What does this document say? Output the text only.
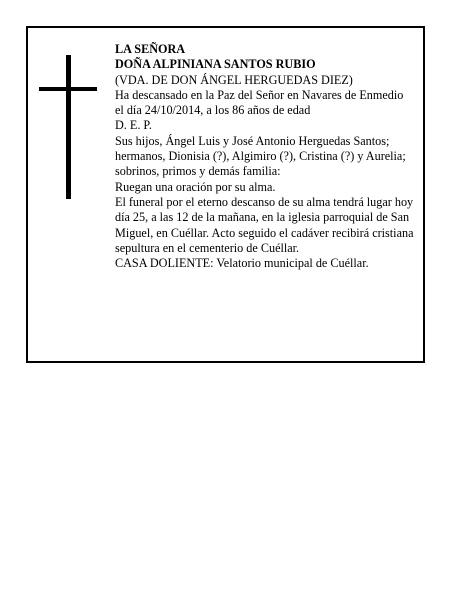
LA SEÑORA

DOÑA ALPINIANA SANTOS RUBIO

(VDA. DE DON ÁNGEL HERGUEDAS DIEZ)

Ha descansado en la Paz del Señor en Navares de Enmedio el día 24/10/2014, a los 86 años de edad

D. E. P.

Sus hijos, Ángel Luis y José Antonio Herguedas Santos; hermanos, Dionisia (?), Algimiro (?), Cristina (?) y Aurelia; sobrinos, primos y demás familia:

Ruegan una oración por su alma.

El funeral por el eterno descanso de su alma tendrá lugar hoy día 25, a las 12 de la mañana, en la iglesia parroquial de San Miguel, en Cuéllar. Acto seguido el cadáver recibirá cristiana sepultura en el cementerio de Cuéllar.

CASA DOLIENTE: Velatorio municipal de Cuéllar.
